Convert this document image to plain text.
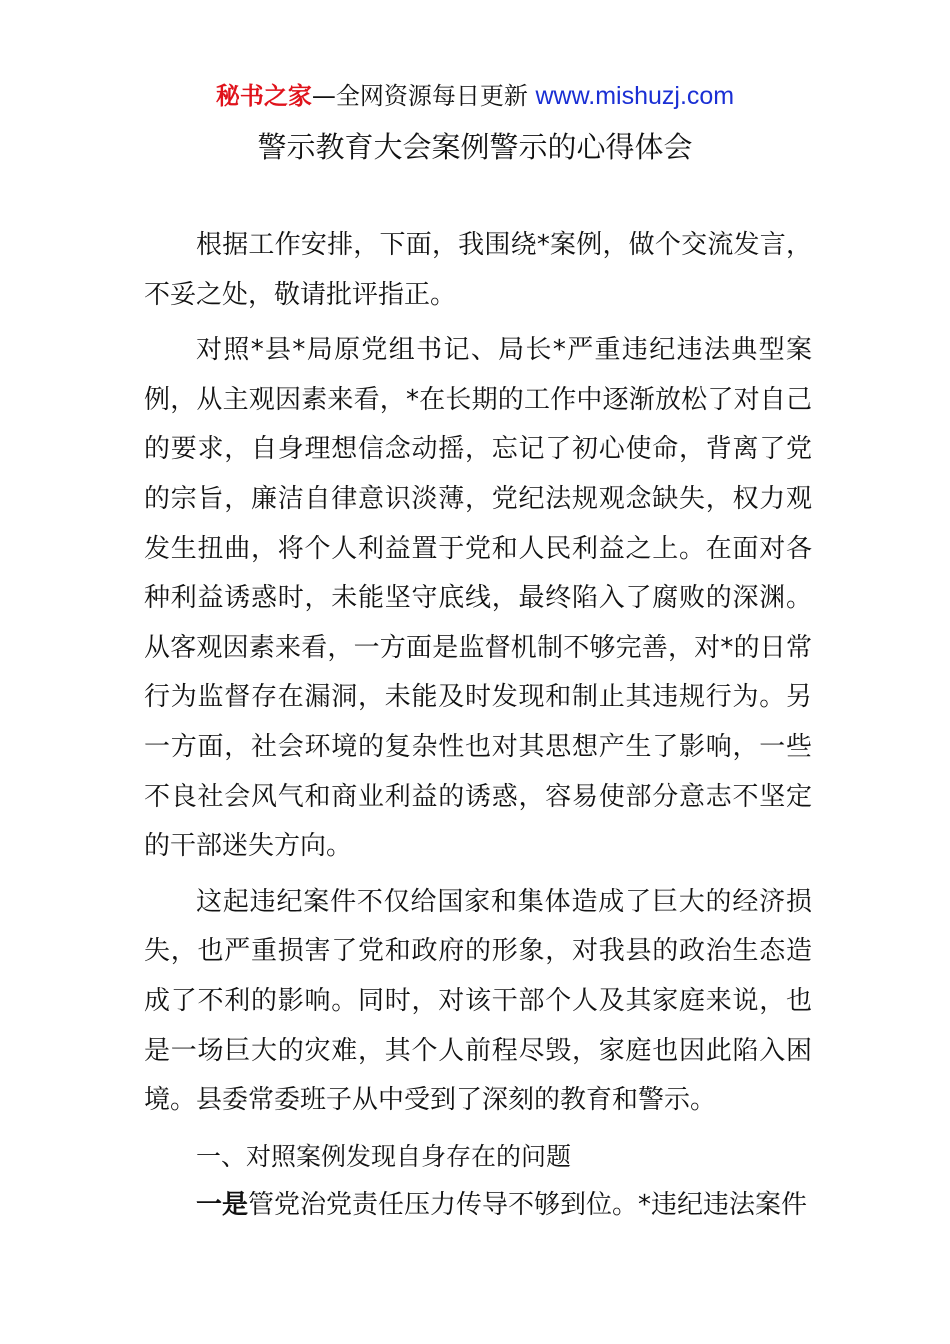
秘书之家—全网资源每日更新 www.mishuzj.com
警示教育大会案例警示的心得体会

根据工作安排，下面，我围绕*案例，做个交流发言，不妥之处，敬请批评指正。

对照*县*局原党组书记、局长*严重违纪违法典型案例，从主观因素来看，*在长期的工作中逐渐放松了对自己的要求，自身理想信念动摇，忘记了初心使命，背离了党的宗旨，廉洁自律意识淡薄，党纪法规观念缺失，权力观发生扭曲，将个人利益置于党和人民利益之上。在面对各种利益诱惑时，未能坚守底线，最终陷入了腐败的深渊。从客观因素来看，一方面是监督机制不够完善，对*的日常行为监督存在漏洞，未能及时发现和制止其违规行为。另一方面，社会环境的复杂性也对其思想产生了影响，一些不良社会风气和商业利益的诱惑，容易使部分意志不坚定的干部迷失方向。

这起违纪案件不仅给国家和集体造成了巨大的经济损失，也严重损害了党和政府的形象，对我县的政治生态造成了不利的影响。同时，对该干部个人及其家庭来说，也是一场巨大的灾难，其个人前程尽毁，家庭也因此陷入困境。县委常委班子从中受到了深刻的教育和警示。

一、对照案例发现自身存在的问题

一是管党治党责任压力传导不够到位。*违纪违法案件
